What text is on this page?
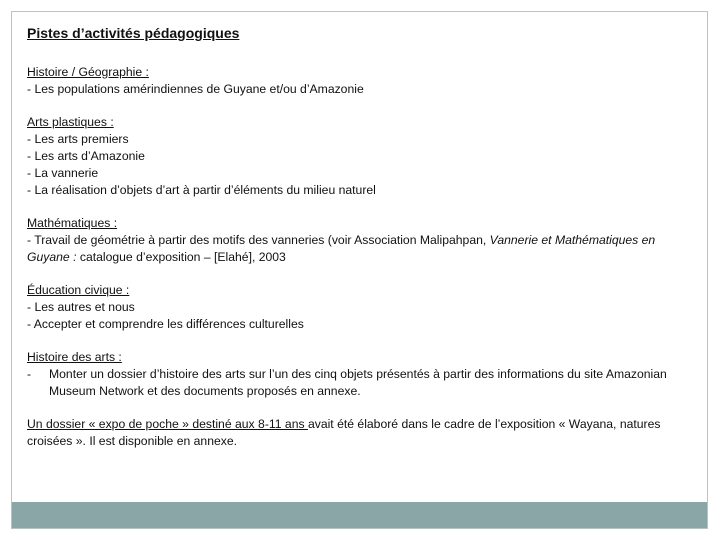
Pistes d’activités pédagogiques
Histoire / Géographie :
- Les populations amérindiennes de Guyane et/ou d’Amazonie
Arts plastiques :
- Les arts premiers
- Les arts d’Amazonie
- La vannerie
- La réalisation d’objets d’art à partir d’éléments du milieu naturel
Mathématiques :
- Travail de géométrie à partir des motifs des vanneries (voir Association Malipahpan, Vannerie et Mathématiques en Guyane : catalogue d’exposition – [Elahé], 2003
Éducation civique :
- Les autres et nous
- Accepter et comprendre les différences culturelles
Histoire des arts :
-	Monter un dossier d’histoire des arts sur l’un des cinq objets présentés à partir des informations du site Amazonian Museum Network et des documents proposés en annexe.
Un dossier « expo de poche » destiné aux 8-11 ans avait été élaboré dans le cadre de l’exposition « Wayana, natures croisées ». Il est disponible en annexe.
